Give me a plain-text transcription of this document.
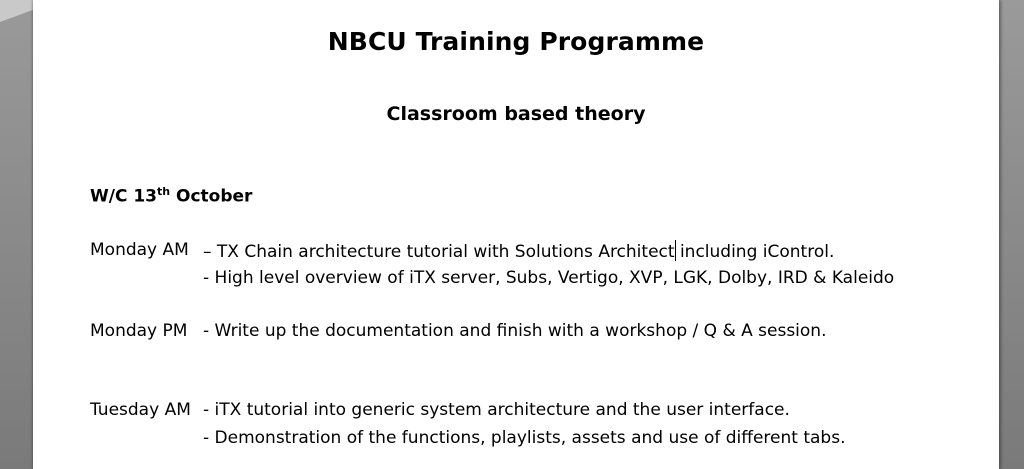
NBCU Training Programme
Classroom based theory
W/C 13th October
Monday AM – TX Chain architecture tutorial with Solutions Architect including iControl.
- High level overview of iTX server, Subs, Vertigo, XVP, LGK, Dolby, IRD & Kaleido
Monday PM - Write up the documentation and finish with a workshop / Q & A session.
Tuesday AM - iTX tutorial into generic system architecture and the user interface.
- Demonstration of the functions, playlists, assets and use of different tabs.
